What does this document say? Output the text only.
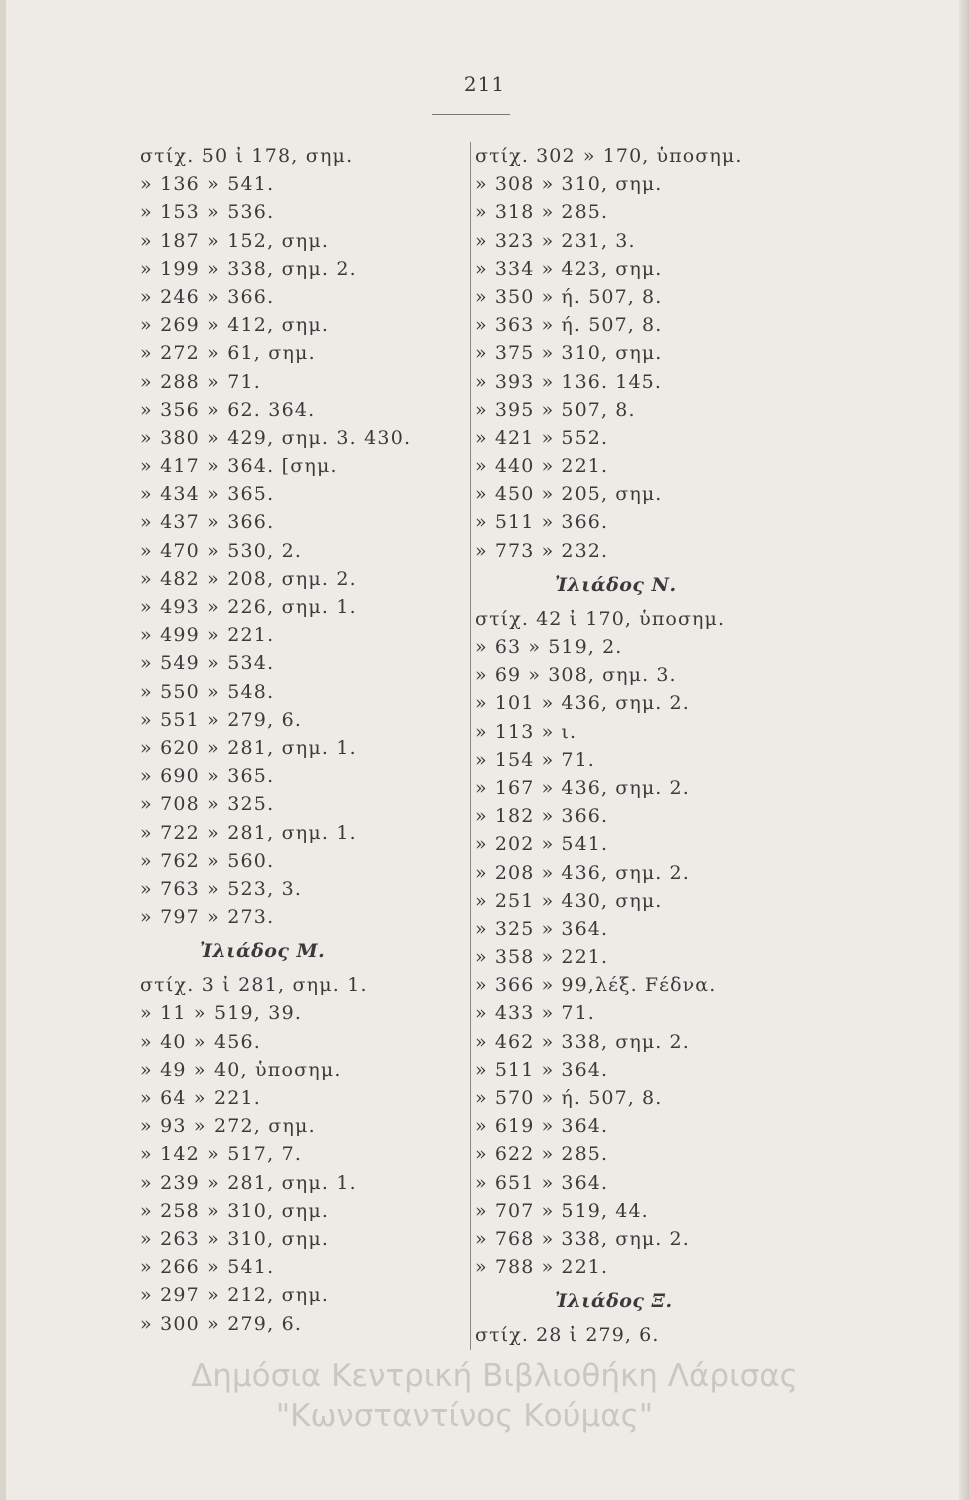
211
στίχ. 50 ἰ 178, σημ.
» 136 » 541.
» 153 » 536.
» 187 » 152, σημ.
» 199 » 338, σημ. 2.
» 246 » 366.
» 269 » 412, σημ.
» 272 » 61, σημ.
» 288 » 71.
» 356 » 62. 364.
» 380 » 429, σημ. 3. 430.
» 417 » 364. [σημ.
» 434 » 365.
» 437 » 366.
» 470 » 530, 2.
» 482 » 208, σημ. 2.
» 493 » 226, σημ. 1.
» 499 » 221.
» 549 » 534.
» 550 » 548.
» 551 » 279, 6.
» 620 » 281, σημ. 1.
» 690 » 365.
» 708 » 325.
» 722 » 281, σημ. 1.
» 762 » 560.
» 763 » 523, 3.
» 797 » 273.
Ἰλιάδος Μ.
στίχ. 3 ἰ 281, σημ. 1.
» 11 » 519, 39.
» 40 » 456.
» 49 » 40, ὑποσημ.
» 64 » 221.
» 93 » 272, σημ.
» 142 » 517, 7.
» 239 » 281, σημ. 1.
» 258 » 310, σημ.
» 263 » 310, σημ.
» 266 » 541.
» 297 » 212, σημ.
» 300 » 279, 6.
στίχ. 302 » 170, ὑποσημ.
» 308 » 310, σημ.
» 318 » 285.
» 323 » 231, 3.
» 334 » 423, σημ.
» 350 » ή. 507, 8.
» 363 » ή. 507, 8.
» 375 » 310, σημ.
» 393 » 136. 145.
» 395 » 507, 8.
» 421 » 552.
» 440 » 221.
» 450 » 205, σημ.
» 511 » 366.
» 773 » 232.
Ἰλιάδος Ν.
στίχ. 42 ἰ 170, ὑποσημ.
» 63 » 519, 2.
» 69 » 308, σημ. 3.
» 101 » 436, σημ. 2.
» 113 » ι.
» 154 » 71.
» 167 » 436, σημ. 2.
» 182 » 366.
» 202 » 541.
» 208 » 436, σημ. 2.
» 251 » 430, σημ.
» 325 » 364.
» 358 » 221.
» 366 » 99,λέξ. Fέδνα.
» 433 » 71.
» 462 » 338, σημ. 2.
» 511 » 364.
» 570 » ή. 507, 8.
» 619 » 364.
» 622 » 285.
» 651 » 364.
» 707 » 519, 44.
» 768 » 338, σημ. 2.
» 788 » 221.
Ἰλιάδος Ξ.
στίχ. 28 ἰ 279, 6.
Δημόσια Κεντρική Βιβλιοθήκη Λάρισας
"Κωνσταντίνος Κούμας"
